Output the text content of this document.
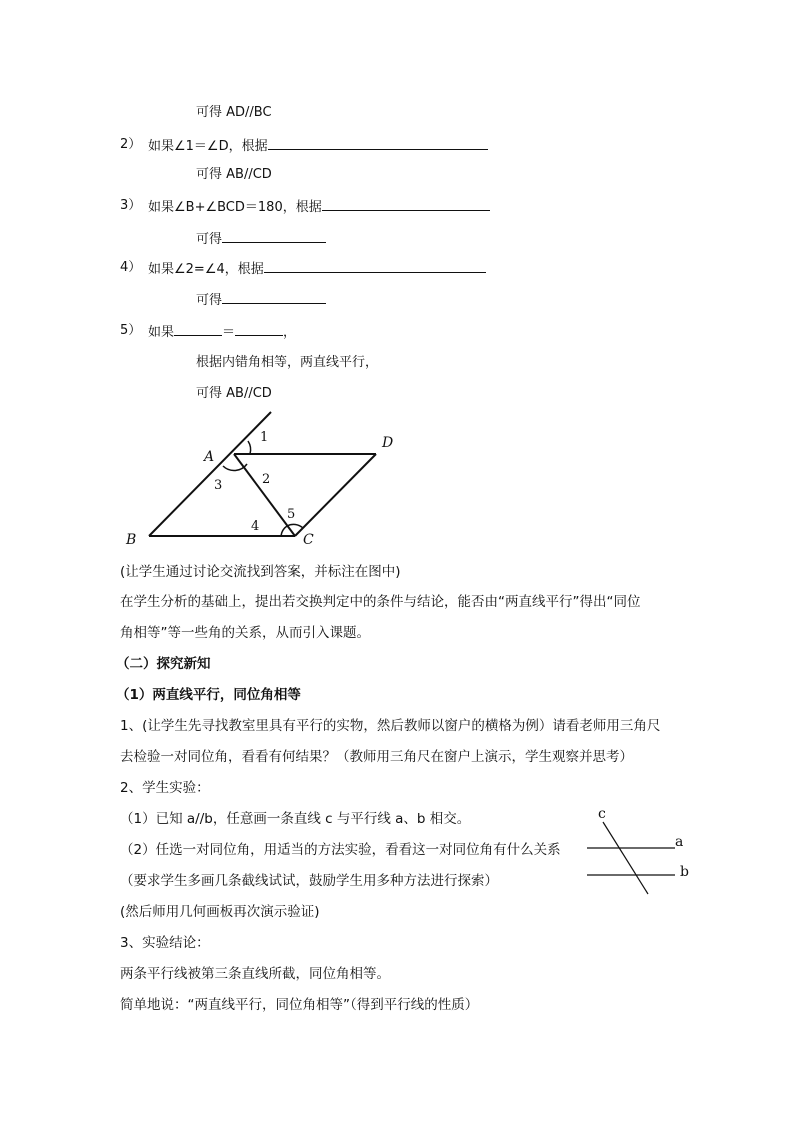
可得 AD//BC
2） 如果∠1＝∠D，根据
可得 AB//CD
3） 如果∠B+∠BCD＝180，根据
可得
4） 如果∠2=∠4，根据
可得
5） 如果	＝	，
根据内错角相等，两直线平行，
可得 AB//CD
A
B	C
D
1
2
3
4
5
c
a
b
(让学生通过讨论交流找到答案，并标注在图中)
在学生分析的基础上，提出若交换判定中的条件与结论，能否由“两直线平行”得出“同位
角相等”等一些角的关系，从而引入课题。
（二）探究新知
（1）两直线平行，同位角相等
1、(让学生先寻找教室里具有平行的实物，然后教师以窗户的横格为例）请看老师用三角尺
去检验一对同位角，看看有何结果？（教师用三角尺在窗户上演示，学生观察并思考）
2、学生实验：
（1）已知 a//b，任意画一条直线 c 与平行线 a、b 相交。
（2）任选一对同位角，用适当的方法实验，看看这一对同位角有什么关系
（要求学生多画几条截线试试，鼓励学生用多种方法进行探索）
(然后师用几何画板再次演示验证)
3、实验结论：
两条平行线被第三条直线所截，同位角相等。
简单地说：“两直线平行，同位角相等”（得到平行线的性质）
